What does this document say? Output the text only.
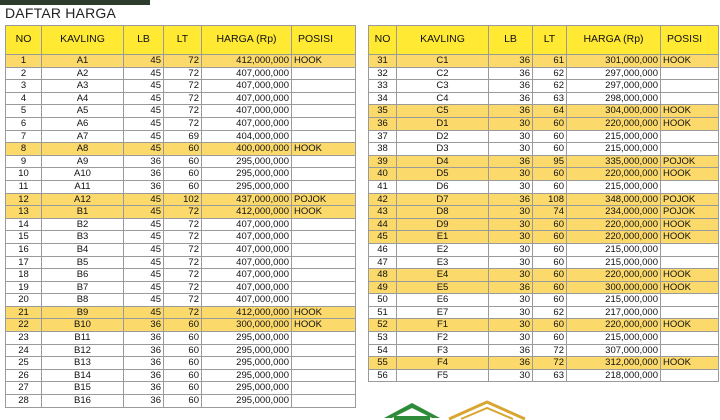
DAFTAR HARGA
NO	KAVLING	LB	LT	HARGA (Rp)	POSISI
1	A1	45	72	412,000,000	HOOK
2	A2	45	72	407,000,000	
3	A3	45	72	407,000,000	
4	A4	45	72	407,000,000	
5	A5	45	72	407,000,000	
6	A6	45	72	407,000,000	
7	A7	45	69	404,000,000	
8	A8	45	60	400,000,000	HOOK
9	A9	36	60	295,000,000	
10	A10	36	60	295,000,000	
11	A11	36	60	295,000,000	
12	A12	45	102	437,000,000	POJOK
13	B1	45	72	412,000,000	HOOK
14	B2	45	72	407,000,000	
15	B3	45	72	407,000,000	
16	B4	45	72	407,000,000	
17	B5	45	72	407,000,000	
18	B6	45	72	407,000,000	
19	B7	45	72	407,000,000	
20	B8	45	72	407,000,000	
21	B9	45	72	412,000,000	HOOK
22	B10	36	60	300,000,000	HOOK
23	B11	36	60	295,000,000	
24	B12	36	60	295,000,000	
25	B13	36	60	295,000,000	
26	B14	36	60	295,000,000	
27	B15	36	60	295,000,000	
28	B16	36	60	295,000,000	
NO	KAVLING	LB	LT	HARGA (Rp)	POSISI
31	C1	36	61	301,000,000	HOOK
32	C2	36	62	297,000,000	
33	C3	36	62	297,000,000	
34	C4	36	63	298,000,000	
35	C5	36	64	304,000,000	HOOK
36	D1	30	60	220,000,000	HOOK
37	D2	30	60	215,000,000	
38	D3	30	60	215,000,000	
39	D4	36	95	335,000,000	POJOK
40	D5	30	60	220,000,000	HOOK
41	D6	30	60	215,000,000	
42	D7	36	108	348,000,000	POJOK
43	D8	30	74	234,000,000	POJOK
44	D9	30	60	220,000,000	HOOK
45	E1	30	60	220,000,000	HOOK
46	E2	30	60	215,000,000	
47	E3	30	60	215,000,000	
48	E4	30	60	220,000,000	HOOK
49	E5	36	60	300,000,000	HOOK
50	E6	30	60	215,000,000	
51	E7	30	62	217,000,000	
52	F1	30	60	220,000,000	HOOK
53	F2	30	60	215,000,000	
54	F3	36	72	307,000,000	
55	F4	36	72	312,000,000	HOOK
56	F5	30	63	218,000,000	
